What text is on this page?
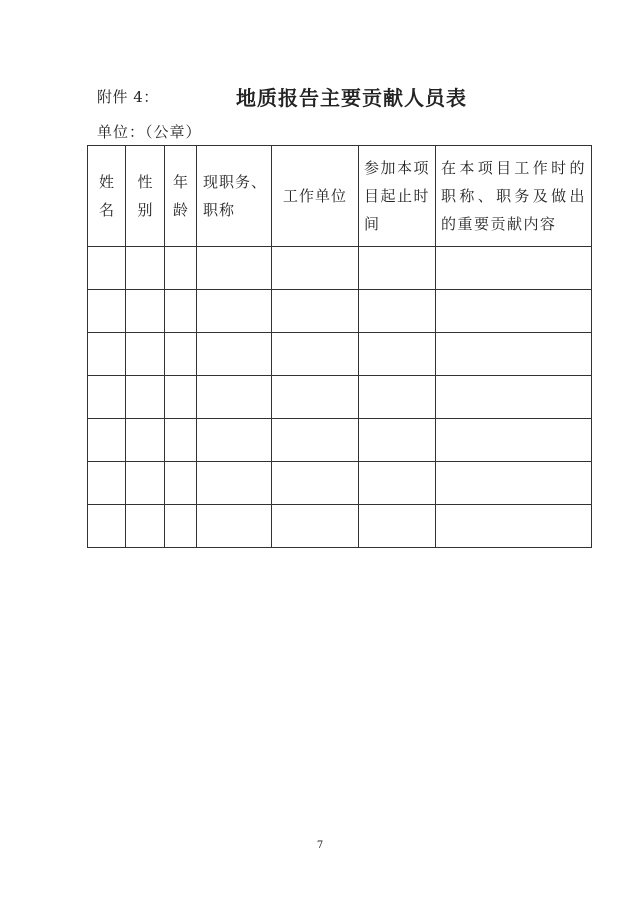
附件 4：	地质报告主要贡献人员表
单位：（公章）
姓名	性别	年龄	现职务、职称	工作单位	参加本项目起止时间	在本项目工作时的职称、职务及做出的重要贡献内容

7
